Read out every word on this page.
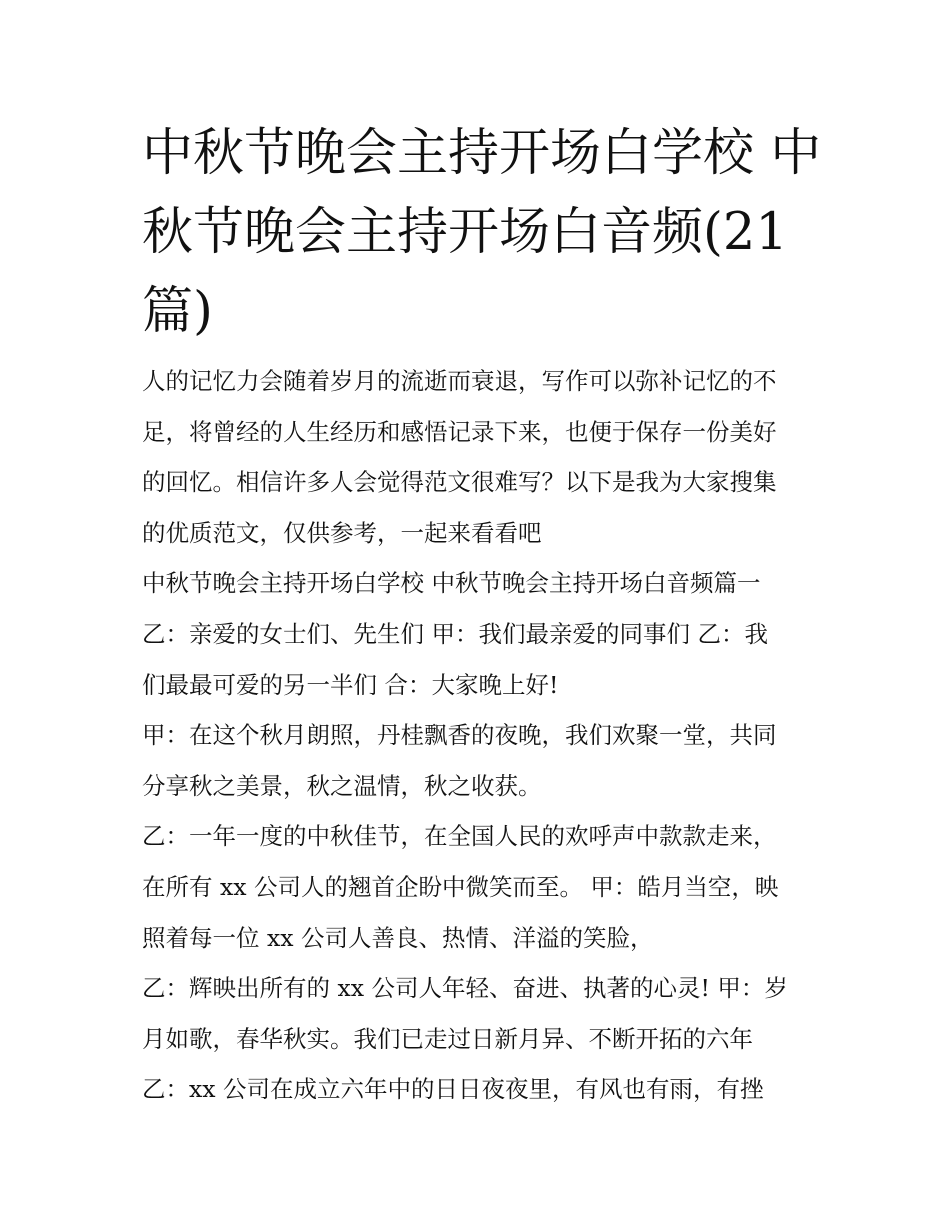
中秋节晚会主持开场白学校 中
秋节晚会主持开场白音频(21
篇)
人的记忆力会随着岁月的流逝而衰退，写作可以弥补记忆的不
足，将曾经的人生经历和感悟记录下来，也便于保存一份美好
的回忆。相信许多人会觉得范文很难写？以下是我为大家搜集
的优质范文，仅供参考，一起来看看吧
中秋节晚会主持开场白学校 中秋节晚会主持开场白音频篇一
乙：亲爱的女士们、先生们 甲：我们最亲爱的同事们 乙：我
们最最可爱的另一半们 合：大家晚上好!
甲：在这个秋月朗照，丹桂飘香的夜晚，我们欢聚一堂，共同
分享秋之美景，秋之温情，秋之收获。
乙：一年一度的中秋佳节，在全国人民的欢呼声中款款走来，
在所有 xx 公司人的翘首企盼中微笑而至。 甲：皓月当空，映
照着每一位 xx 公司人善良、热情、洋溢的笑脸，
乙：辉映出所有的 xx 公司人年轻、奋进、执著的心灵! 甲：岁
月如歌，春华秋实。我们已走过日新月异、不断开拓的六年
乙：xx 公司在成立六年中的日日夜夜里，有风也有雨，有挫
